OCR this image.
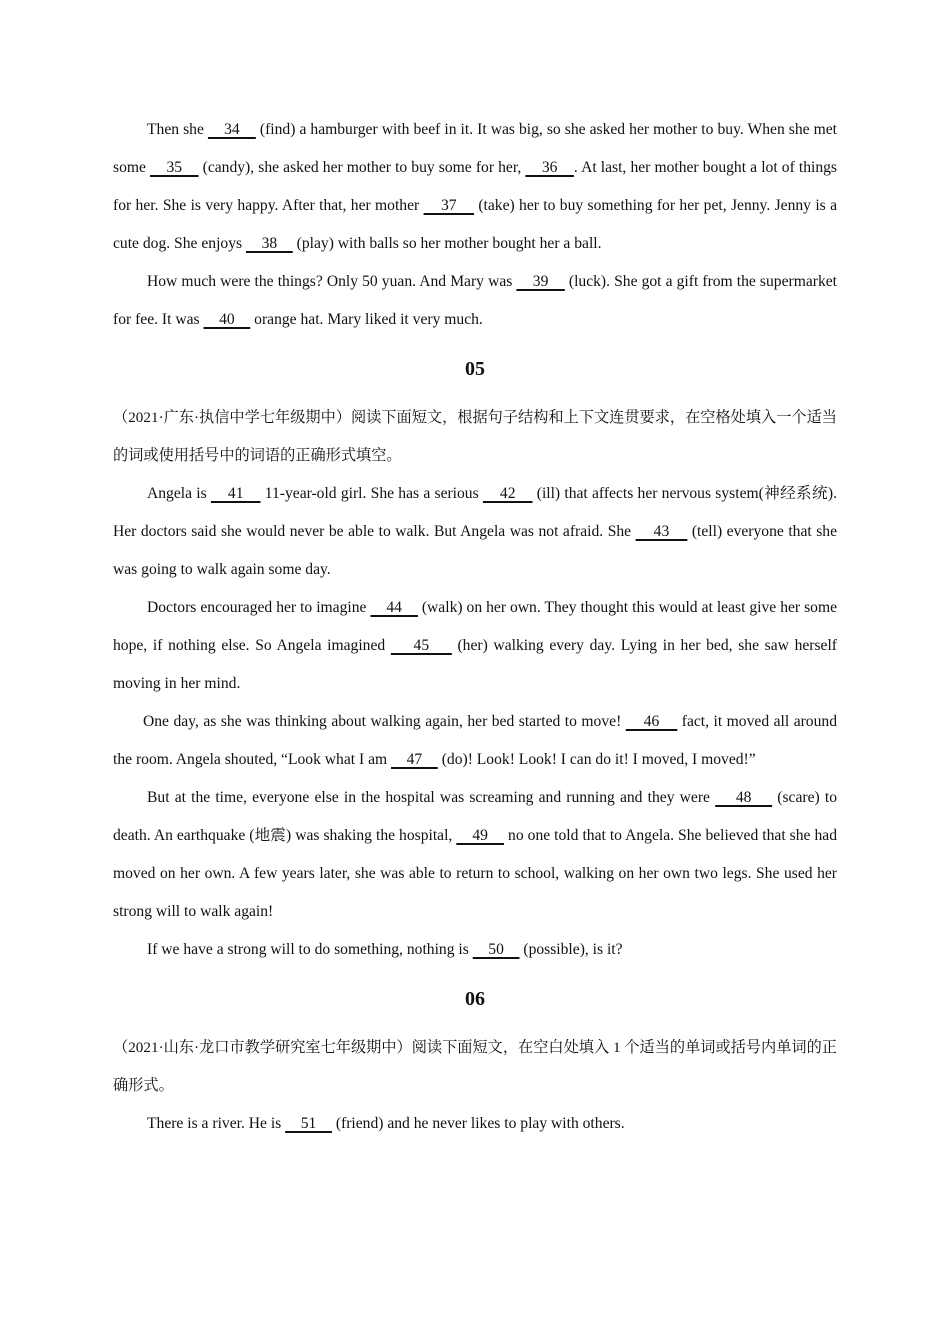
Then she     34     (find) a hamburger with beef in it. It was big, so she asked her mother to buy. When she met some     35     (candy), she asked her mother to buy some for her,     36    . At last, her mother bought a lot of things for her. She is very happy. After that, her mother     37     (take) her to buy something for her pet, Jenny. Jenny is a cute dog. She enjoys     38     (play) with balls so her mother bought her a ball.

How much were the things? Only 50 yuan. And Mary was     39     (luck). She got a gift from the supermarket for fee. It was     40     orange hat. Mary liked it very much.

05

（2021·广东·执信中学七年级期中）阅读下面短文，根据句子结构和上下文连贯要求，在空格处填入一个适当的词或使用括号中的词语的正确形式填空。

Angela is     41     11-year-old girl. She has a serious     42     (ill) that affects her nervous system(神经系统). Her doctors said she would never be able to walk. But Angela was not afraid. She     43     (tell) everyone that she was going to walk again some day.

Doctors encouraged her to imagine     44     (walk) on her own. They thought this would at least give her some hope, if nothing else. So Angela imagined     45     (her) walking every day. Lying in her bed, she saw herself moving in her mind.

One day, as she was thinking about walking again, her bed started to move!     46     fact, it moved all around the room. Angela shouted, “Look what I am     47     (do)! Look! Look! I can do it! I moved, I moved!”

But at the time, everyone else in the hospital was screaming and running and they were     48     (scare) to death. An earthquake (地震) was shaking the hospital,     49     no one told that to Angela. She believed that she had moved on her own. A few years later, she was able to return to school, walking on her own two legs. She used her strong will to walk again!

If we have a strong will to do something, nothing is     50     (possible), is it?

06

（2021·山东·龙口市教学研究室七年级期中）阅读下面短文，在空白处填入 1 个适当的单词或括号内单词的正确形式。

There is a river. He is     51     (friend) and he never likes to play with others.
